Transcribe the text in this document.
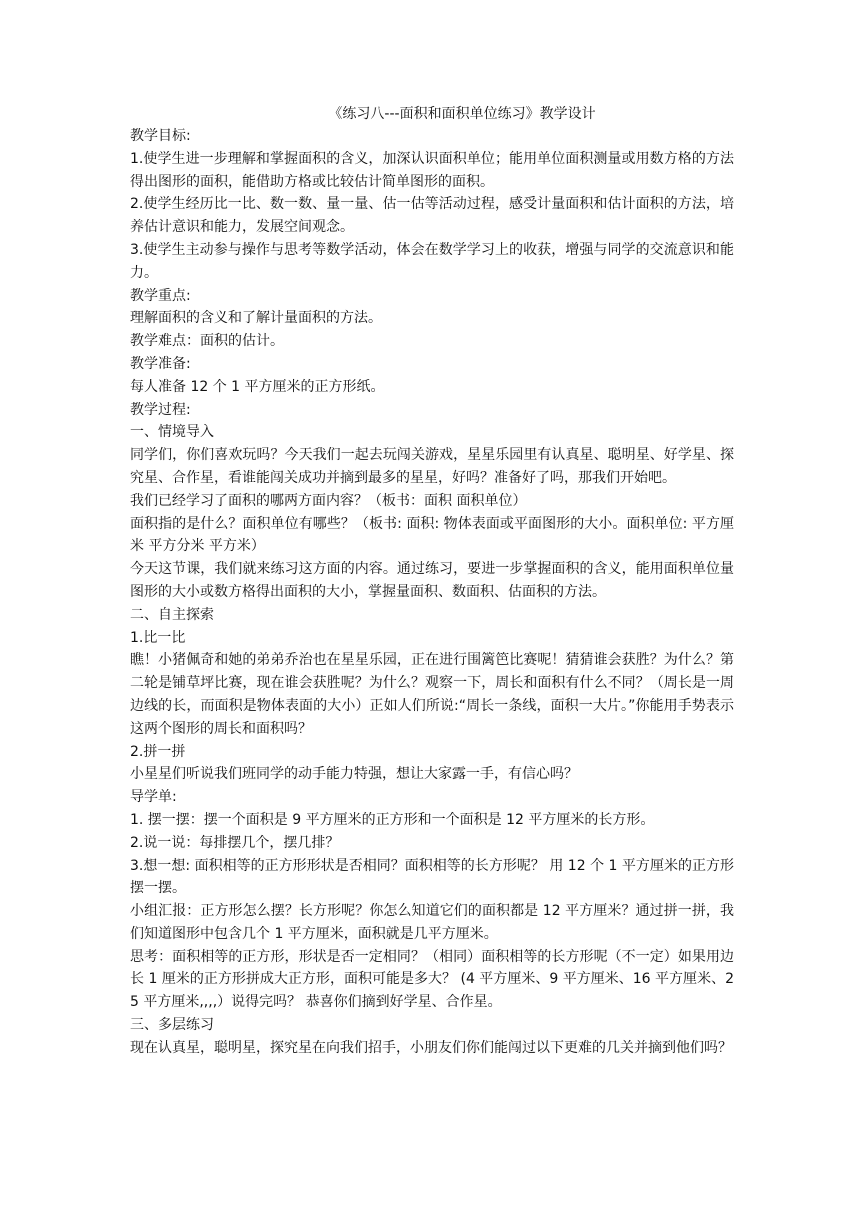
《练习八---面积和面积单位练习》教学设计

教学目标:

1.使学生进一步理解和掌握面积的含义，加深认识面积单位；能用单位面积测量或用数方格的方法得出图形的面积，能借助方格或比较估计简单图形的面积。

2.使学生经历比一比、数一数、量一量、估一估等活动过程，感受计量面积和估计面积的方法，培养估计意识和能力，发展空间观念。

3.使学生主动参与操作与思考等数学活动，体会在数学学习上的收获，增强与同学的交流意识和能力。

教学重点:

理解面积的含义和了解计量面积的方法。

教学难点：面积的估计。

教学准备:

每人准备 12 个 1 平方厘米的正方形纸。

教学过程:

一、情境导入

同学们，你们喜欢玩吗？今天我们一起去玩闯关游戏，星星乐园里有认真星、聪明星、好学星、探究星、合作星，看谁能闯关成功并摘到最多的星星，好吗？准备好了吗，那我们开始吧。

我们已经学习了面积的哪两方面内容？（板书：面积 面积单位）

面积指的是什么？面积单位有哪些？（板书: 面积: 物体表面或平面图形的大小。面积单位: 平方厘米 平方分米 平方米）

今天这节课，我们就来练习这方面的内容。通过练习，要进一步掌握面积的含义，能用面积单位量图形的大小或数方格得出面积的大小，掌握量面积、数面积、估面积的方法。

二、自主探索

1.比一比

瞧！小猪佩奇和她的弟弟乔治也在星星乐园，正在进行围篱笆比赛呢！猜猜谁会获胜？为什么？第二轮是铺草坪比赛，现在谁会获胜呢？为什么？观察一下，周长和面积有什么不同？（周长是一周边线的长，而面积是物体表面的大小）正如人们所说:“周长一条线，面积一大片。”你能用手势表示这两个图形的周长和面积吗？

2.拼一拼

小星星们听说我们班同学的动手能力特强，想让大家露一手，有信心吗？

导学单:

1. 摆一摆：摆一个面积是 9 平方厘米的正方形和一个面积是 12 平方厘米的长方形。

2.说一说：每排摆几个，摆几排？

3.想一想: 面积相等的正方形形状是否相同？面积相等的长方形呢？ 用 12 个 1 平方厘米的正方形摆一摆。

小组汇报：正方形怎么摆？长方形呢？你怎么知道它们的面积都是 12 平方厘米？通过拼一拼，我们知道图形中包含几个 1 平方厘米，面积就是几平方厘米。

思考：面积相等的正方形，形状是否一定相同？（相同）面积相等的长方形呢（不一定）如果用边长 1 厘米的正方形拼成大正方形，面积可能是多大？ (4 平方厘米、9 平方厘米、16 平方厘米、25 平方厘米,,,,）说得完吗？ 恭喜你们摘到好学星、合作星。

三、多层练习

现在认真星，聪明星，探究星在向我们招手，小朋友们你们能闯过以下更难的几关并摘到他们吗？
